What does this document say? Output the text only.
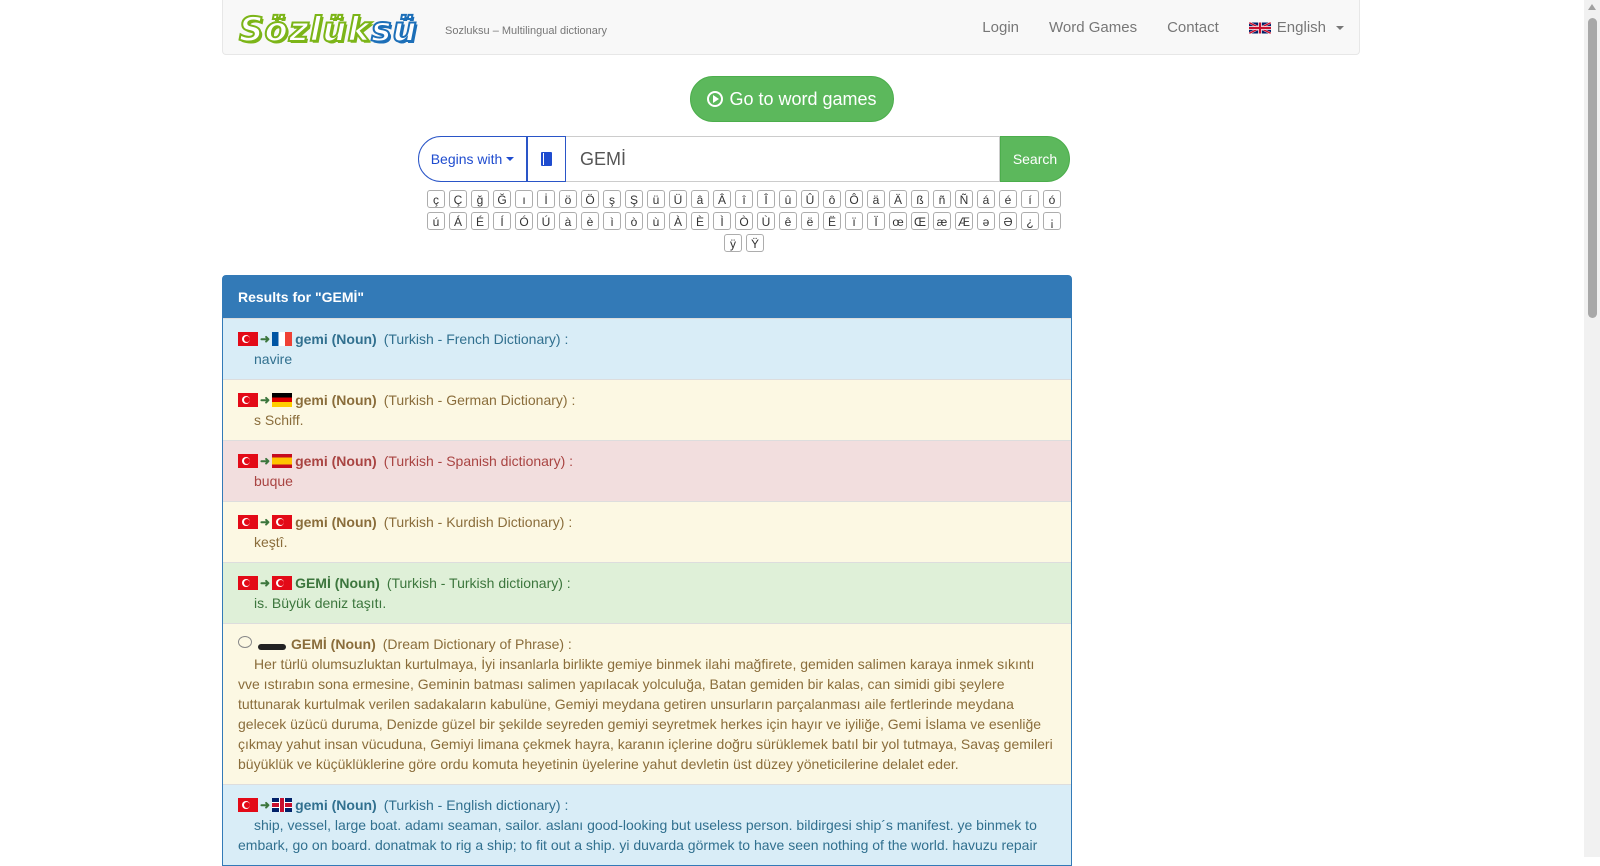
Sözlüksü Sozluksu – Multilingual dictionary	Login	Word Games	Contact	English
Go to word games
Begins with
GEMİ	Search
ç Ç ğ Ğ ı İ ö Ö ş Ş ü Ü â Â î Î û Û ô Ô ä Ä ß ñ Ñ á é í óú Á É Í Ó Ú à è ì ò ù À È Ì Ò Ù ê ë Ë ï Ï œ Œ æ Æ ə Ə ¿ ¡ÿ Ÿ
Results for "GEMİ"
➜ gemi (Noun) (Turkish - French Dictionary) :
navire
➜ gemi (Noun) (Turkish - German Dictionary) :
s Schiff.
➜ gemi (Noun) (Turkish - Spanish dictionary) :
buque
➜ gemi (Noun) (Turkish - Kurdish Dictionary) :
keştî.
➜ GEMİ (Noun) (Turkish - Turkish dictionary) :
is. Büyük deniz taşıtı.
GEMİ (Noun) (Dream Dictionary of Phrase) :
Her türlü olumsuzluktan kurtulmaya, İyi insanlarla birlikte gemiye binmek ilahi mağfirete, gemiden salimen karaya inmek sıkıntı vve ıstırabın sona ermesine, Geminin batması salimen yapılacak yolculuğa, Batan gemiden bir kalas, can simidi gibi şeylere tuttunarak kurtulmak verilen sadakaların kabulüne, Gemiyi meydana getiren unsurların parçalanması aile fertlerinde meydana gelecek üzücü duruma, Denizde güzel bir şekilde seyreden gemiyi seyretmek herkes için hayır ve iyiliğe, Gemi İslama ve esenliğe çıkmay yahut insan vücuduna, Gemiyi limana çekmek hayra, karanın içlerine doğru sürüklemek batıl bir yol tutmaya, Savaş gemileri büyüklük ve küçüklüklerine göre ordu komuta heyetinin üyelerine yahut devletin üst düzey yöneticilerine delalet eder.
➜ gemi (Noun) (Turkish - English dictionary) :
ship, vessel, large boat. adamı seaman, sailor. aslanı good-looking but useless person. bildirgesi ship´s manifest. ye binmek to embark, go on board. donatmak to rig a ship; to fit out a ship. yi duvarda görmek to have seen nothing of the world. havuzu repair
